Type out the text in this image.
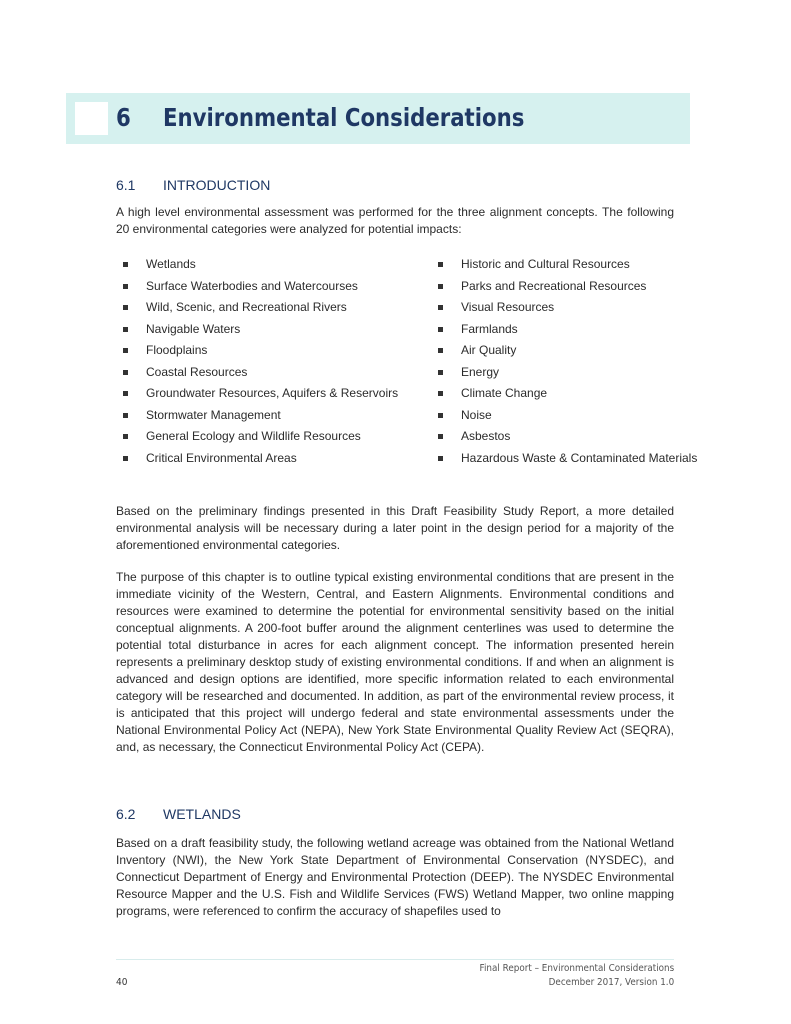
6 Environmental Considerations
6.1 INTRODUCTION

A high level environmental assessment was performed for the three alignment concepts. The following 20 environmental categories were analyzed for potential impacts:

Wetlands
Surface Waterbodies and Watercourses
Wild, Scenic, and Recreational Rivers
Navigable Waters
Floodplains
Coastal Resources
Groundwater Resources, Aquifers & Reservoirs
Stormwater Management
General Ecology and Wildlife Resources
Critical Environmental Areas
Historic and Cultural Resources
Parks and Recreational Resources
Visual Resources
Farmlands
Air Quality
Energy
Climate Change
Noise
Asbestos
Hazardous Waste & Contaminated Materials

Based on the preliminary findings presented in this Draft Feasibility Study Report, a more detailed environmental analysis will be necessary during a later point in the design period for a majority of the aforementioned environmental categories.

The purpose of this chapter is to outline typical existing environmental conditions that are present in the immediate vicinity of the Western, Central, and Eastern Alignments. Environmental conditions and resources were examined to determine the potential for environmental sensitivity based on the initial conceptual alignments. A 200-foot buffer around the alignment centerlines was used to determine the potential total disturbance in acres for each alignment concept. The information presented herein represents a preliminary desktop study of existing environmental conditions. If and when an alignment is advanced and design options are identified, more specific information related to each environmental category will be researched and documented. In addition, as part of the environmental review process, it is anticipated that this project will undergo federal and state environmental assessments under the National Environmental Policy Act (NEPA), New York State Environmental Quality Review Act (SEQRA), and, as necessary, the Connecticut Environmental Policy Act (CEPA).

6.2 WETLANDS

Based on a draft feasibility study, the following wetland acreage was obtained from the National Wetland Inventory (NWI), the New York State Department of Environmental Conservation (NYSDEC), and Connecticut Department of Energy and Environmental Protection (DEEP). The NYSDEC Environmental Resource Mapper and the U.S. Fish and Wildlife Services (FWS) Wetland Mapper, two online mapping programs, were referenced to confirm the accuracy of shapefiles used to

40
Final Report – Environmental Considerations
December 2017, Version 1.0
